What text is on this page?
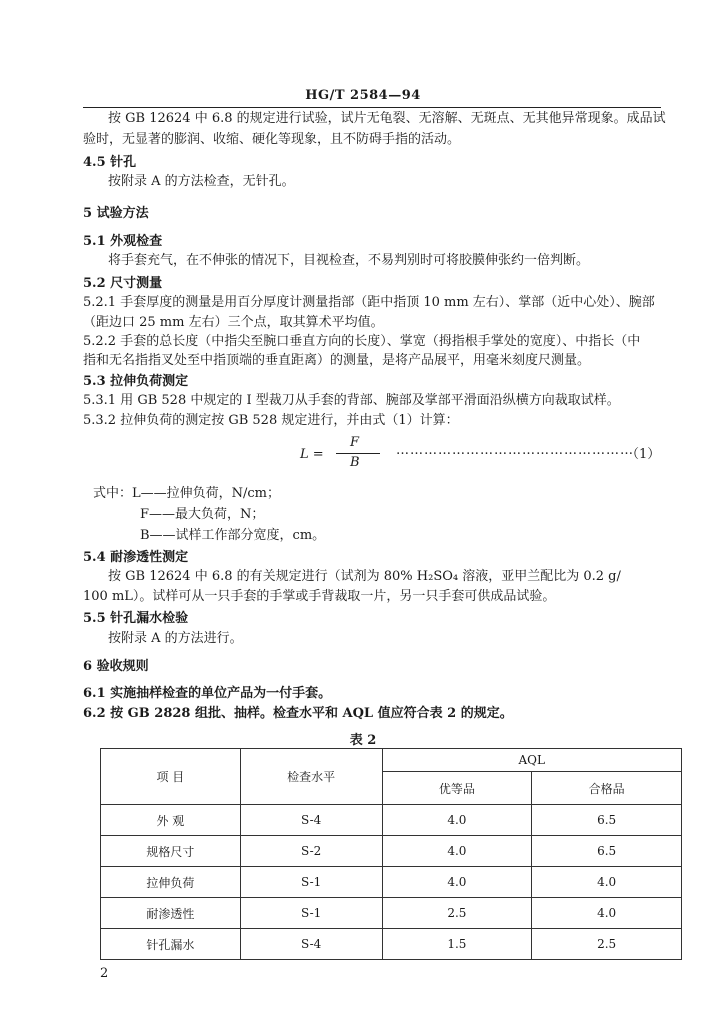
HG/T 2584—94
按 GB 12624 中 6.8 的规定进行试验，试片无龟裂、无溶解、无斑点、无其他异常现象。成品试
验时，无显著的膨润、收缩、硬化等现象，且不防碍手指的活动。
4.5 针孔
按附录 A 的方法检查，无针孔。
5 试验方法
5.1 外观检查
将手套充气，在不伸张的情况下，目视检查，不易判别时可将胶膜伸张约一倍判断。
5.2 尺寸测量
5.2.1 手套厚度的测量是用百分厚度计测量指部（距中指顶 10 mm 左右）、掌部（近中心处）、腕部
（距边口 25 mm 左右）三个点，取其算术平均值。
5.2.2 手套的总长度（中指尖至腕口垂直方向的长度）、掌宽（拇指根手掌处的宽度）、中指长（中
指和无名指指叉处至中指顶端的垂直距离）的测量，是将产品展平，用毫米刻度尺测量。
5.3 拉伸负荷测定
5.3.1 用 GB 528 中规定的 I 型裁刀从手套的背部、腕部及掌部平滑面沿纵横方向裁取试样。
5.3.2 拉伸负荷的测定按 GB 528 规定进行，并由式（1）计算：
L =
F
B
……………………………………………
（1）
式中：L——拉伸负荷，N/cm；
F——最大负荷，N；
B——试样工作部分宽度，cm。
5.4 耐渗透性测定
按 GB 12624 中 6.8 的有关规定进行（试剂为 80% H₂SO₄ 溶液，亚甲兰配比为 0.2 g/
100 mL）。试样可从一只手套的手掌或手背裁取一片，另一只手套可供成品试验。
5.5 针孔漏水检验
按附录 A 的方法进行。
6 验收规则
6.1 实施抽样检查的单位产品为一付手套。
6.2 按 GB 2828 组批、抽样。检查水平和 AQL 值应符合表 2 的规定。
表 2
项 目	检查水平	AQL	
		优等品	合格品
外 观	S-4	4.0	6.5
规格尺寸	S-2	4.0	6.5
拉伸负荷	S-1	4.0	4.0
耐渗透性	S-1	2.5	4.0
针孔漏水	S-4	1.5	2.5
2
